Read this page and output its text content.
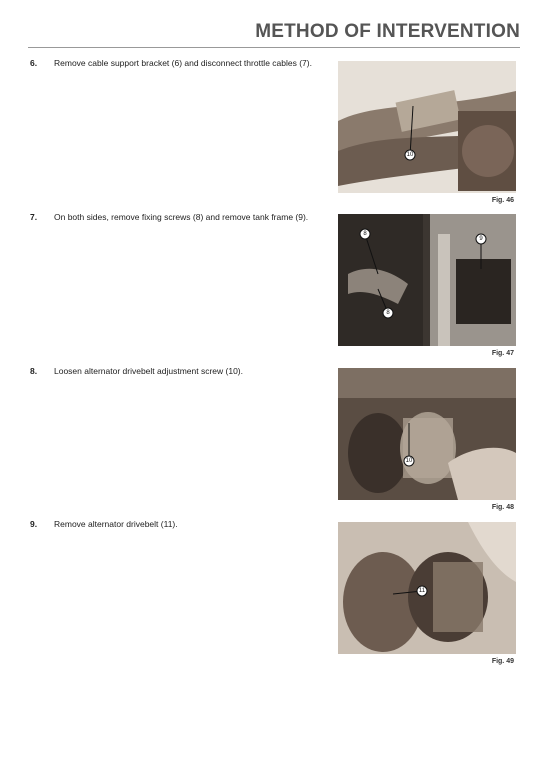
METHOD OF INTERVENTION
6. Remove cable support bracket (6) and disconnect throttle cables (7).
10
Fig. 46
7. On both sides, remove fixing screws (8) and remove tank frame (9).
8
8
9
Fig. 47
8. Loosen alternator drivebelt adjustment screw (10).
10
Fig. 48
9. Remove alternator drivebelt (11).
11
Fig. 49
